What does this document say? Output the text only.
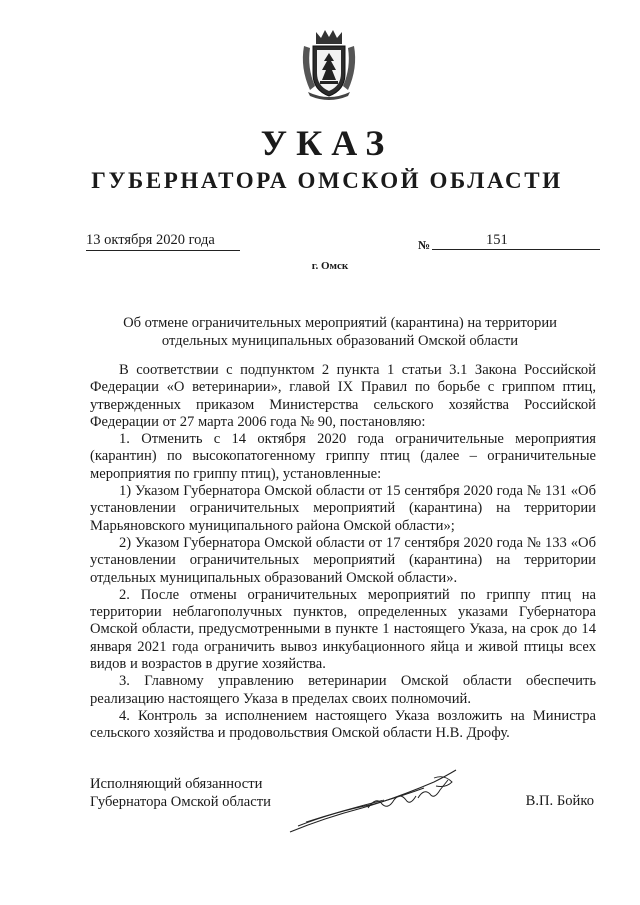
УКАЗ
ГУБЕРНАТОРА ОМСКОЙ ОБЛАСТИ
13 октября 2020 года	№	151
г. Омск
Об отмене ограничительных мероприятий (карантина) на территории
отдельных муниципальных образований Омской области

В соответствии с подпунктом 2 пункта 1 статьи 3.1 Закона Российской Федерации «О ветеринарии», главой IX Правил по борьбе с гриппом птиц, утвержденных приказом Министерства сельского хозяйства Российской Федерации от 27 марта 2006 года № 90, постановляю:

1. Отменить с 14 октября 2020 года ограничительные мероприятия (карантин) по высокопатогенному гриппу птиц (далее – ограничительные мероприятия по гриппу птиц), установленные:

1) Указом Губернатора Омской области от 15 сентября 2020 года № 131 «Об установлении ограничительных мероприятий (карантина) на территории Марьяновского муниципального района Омской области»;

2) Указом Губернатора Омской области от 17 сентября 2020 года № 133 «Об установлении ограничительных мероприятий (карантина) на территории отдельных муниципальных образований Омской области».

2. После отмены ограничительных мероприятий по гриппу птиц на территории неблагополучных пунктов, определенных указами Губернатора Омской области, предусмотренными в пункте 1 настоящего Указа, на срок до 14 января 2021 года ограничить вывоз инкубационного яйца и живой птицы всех видов и возрастов в другие хозяйства.

3. Главному управлению ветеринарии Омской области обеспечить реализацию настоящего Указа в пределах своих полномочий.

4. Контроль за исполнением настоящего Указа возложить на Министра сельского хозяйства и продовольствия Омской области Н.В. Дрофу.

Исполняющий обязанности
Губернатора Омской области	В.П. Бойко
